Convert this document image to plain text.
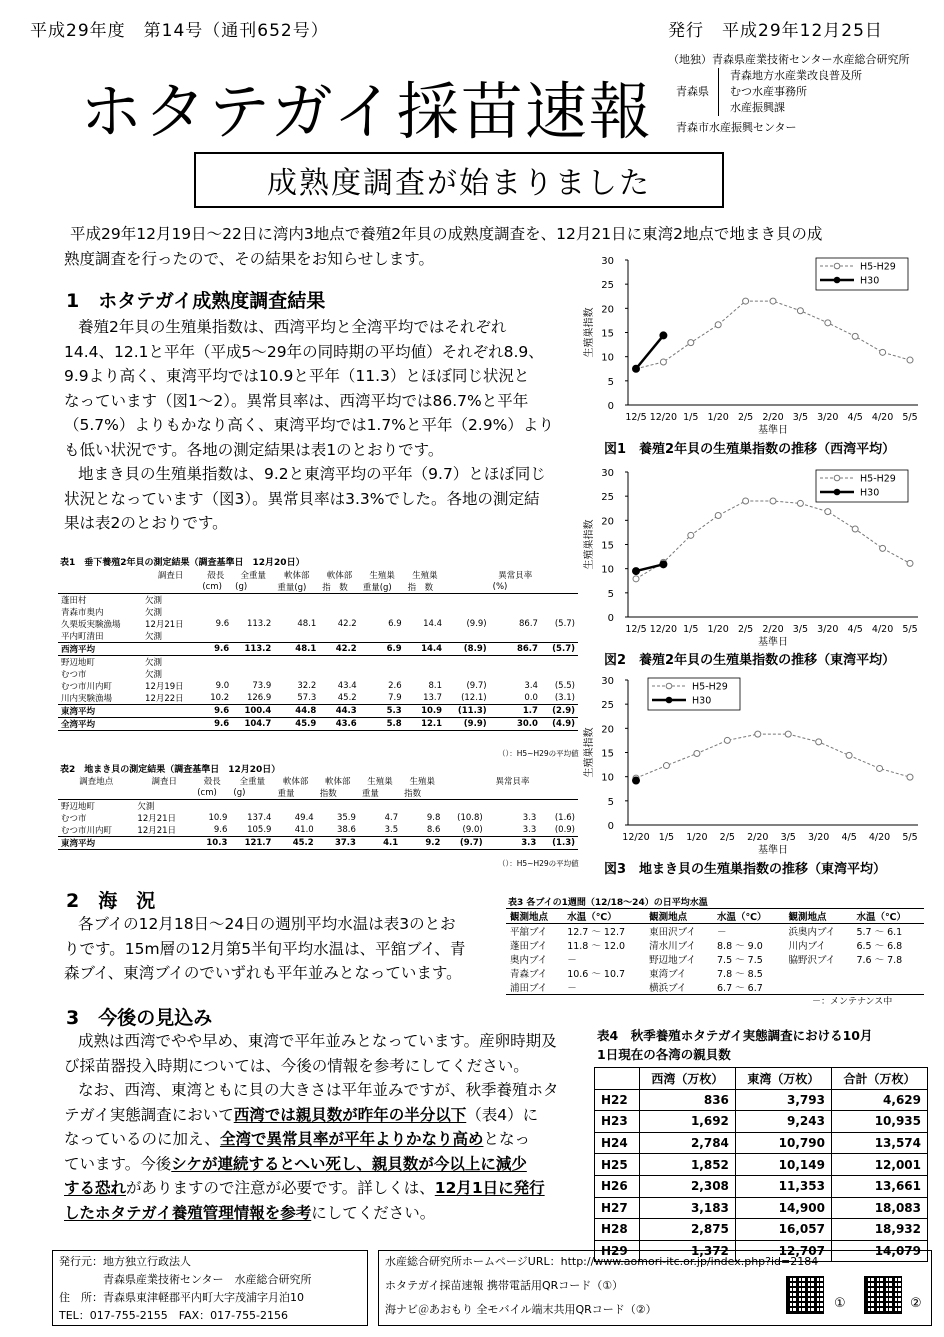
平成29年度　第14号（通刊652号）	発行　平成29年12月25日
（地独）青森県産業技術センター水産総合研究所
青森県
青森地方水産業改良普及所
むつ水産事務所
水産振興課
青森市水産振興センター
ホタテガイ採苗速報
成熟度調査が始まりました
平成29年12月19日～22日に湾内3地点で養殖2年貝の成熟度調査を、12月21日に東湾2地点で地まき貝の成
熟度調査を行ったので、その結果をお知らせします。
1　ホタテガイ成熟度調査結果
養殖2年貝の生殖巣指数は、西湾平均と全湾平均ではそれぞれ
14.4、12.1と平年（平成5～29年の同時期の平均値）それぞれ8.9、
9.9より高く、東湾平均では10.9と平年（11.3）とほぼ同じ状況と
なっています（図1～2）。異常貝率は、西湾平均では86.7%と平年
（5.7%）よりもかなり高く、東湾平均では1.7%と平年（2.9%）より
も低い状況です。各地の測定結果は表1のとおりです。
地まき貝の生殖巣指数は、9.2と東湾平均の平年（9.7）とほぼ同じ
状況となっています（図3）。異常貝率は3.3%でした。各地の測定結
果は表2のとおりです。
表1　垂下養殖2年貝の測定結果（調査基準日　12月20日）
	調査日	殻長	全重量	軟体部	軟体部	生殖巣	生殖巣		異常貝率	
		(cm)	(g)	重量(g)	指　数	重量(g)	指　数		(%)	
蓬田村	欠測									
青森市奥内	欠測									
久栗坂実験漁場	12月21日	9.6	113.2	48.1	42.2	6.9	14.4	(9.9)	86.7	(5.7)
平内町清田	欠測									
西湾平均		9.6	113.2	48.1	42.2	6.9	14.4	(8.9)	86.7	(5.7)
野辺地町	欠測									
むつ市	欠測									
むつ市川内町	12月19日	9.0	73.9	32.2	43.4	2.6	8.1	(9.7)	3.4	(5.5)
川内実験漁場	12月22日	10.2	126.9	57.3	45.2	7.9	13.7	(12.1)	0.0	(3.1)
東湾平均		9.6	100.4	44.8	44.3	5.3	10.9	(11.3)	1.7	(2.9)
全湾平均		9.6	104.7	45.9	43.6	5.8	12.1	(9.9)	30.0	(4.9)
（）：H5~H29の平均値
表2　地まき貝の測定結果（調査基準日　12月20日）
調査地点	調査日	殻長	全重量	軟体部	軟体部	生殖巣	生殖巣		異常貝率	
		(cm)	(g)	重量	指数	重量	指数			
野辺地町	欠測									
むつ市	12月21日	10.9	137.4	49.4	35.9	4.7	9.8	(10.8)	3.3	(1.6)
むつ市川内町	12月21日	9.6	105.9	41.0	38.6	3.5	8.6	(9.0)	3.3	(0.9)
東湾平均		10.3	121.7	45.2	37.3	4.1	9.2	(9.7)	3.3	(1.3)
（）：H5~H29の平均値
0
5
10
15
20
25
30
12/5 12/20 1/5 1/20 2/5 2/20 3/5 3/20 4/5 4/20 5/5
基準日
生殖巣指数
H5-H29
H30
図1　養殖2年貝の生殖巣指数の推移（西湾平均）
0
5
10
15
20
25
30
12/5 12/20 1/5 1/20 2/5 2/20 3/5 3/20 4/5 4/20 5/5
基準日
生殖巣指数
H5-H29
H30
図2　養殖2年貝の生殖巣指数の推移（東湾平均）
0
5
10
15
20
25
30
12/20 1/5 1/20 2/5 2/20 3/5 3/20 4/5 4/20 5/5
基準日
生殖巣指数
H5-H29
H30
図3　地まき貝の生殖巣指数の推移（東湾平均）
2　海　況
各ブイの12月18日～24日の週別平均水温は表3のとお
りです。15m層の12月第5半旬平均水温は、平舘ブイ、青
森ブイ、東湾ブイのでいずれも平年並みとなっています。
表3 各ブイの1週間（12/18～24）の日平均水温
観測地点	水温（℃）	観測地点	水温（℃）	観測地点	水温（℃）
平舘ブイ	12.7 ～ 12.7	東田沢ブイ	－	浜奥内ブイ	5.7 ～ 6.1
蓬田ブイ	11.8 ～ 12.0	清水川ブイ	8.8 ～ 9.0	川内ブイ	6.5 ～ 6.8
奥内ブイ	－	野辺地ブイ	7.5 ～ 7.5	脇野沢ブイ	7.6 ～ 7.8
青森ブイ	10.6 ～ 10.7	東湾ブイ	7.8 ～ 8.5		
浦田ブイ	－	横浜ブイ	6.7 ～ 6.7		
－：メンテナンス中
3　今後の見込み
成熟は西湾でやや早め、東湾で平年並みとなっています。産卵時期及
び採苗器投入時期については、今後の情報を参考にしてください。
なお、西湾、東湾ともに貝の大きさは平年並みですが、秋季養殖ホタ
テガイ実態調査において西湾では親貝数が昨年の半分以下（表4）に
なっているのに加え、全湾で異常貝率が平年よりかなり高めとなっ
ています。今後シケが連続するとへい死し、親貝数が今以上に減少
する恐れがありますので注意が必要です。詳しくは、12月1日に発行
したホタテガイ養殖管理情報を参考にしてください。
表4　秋季養殖ホタテガイ実態調査における10月
1日現在の各湾の親貝数
	西湾（万枚）	東湾（万枚）	合計（万枚）
H22	836	3,793	4,629
H23	1,692	9,243	10,935
H24	2,784	10,790	13,574
H25	1,852	10,149	12,001
H26	2,308	11,353	13,661
H27	3,183	14,900	18,083
H28	2,875	16,057	18,932
H29	1,372	12,707	14,079
発行元：地方独立行政法人
青森県産業技術センター　水産総合研究所
住　所：青森県東津軽郡平内町大字茂浦字月泊10
TEL：017-755-2155　FAX：017-755-2156
水産総合研究所ホームページURL：http://www.aomori-itc.or.jp/index.php?id=2184
ホタテガイ採苗速報 携帯電話用QRコード（①）
海ナビ＠あおもり 全モバイル端末共用QRコード（②）	①	②
